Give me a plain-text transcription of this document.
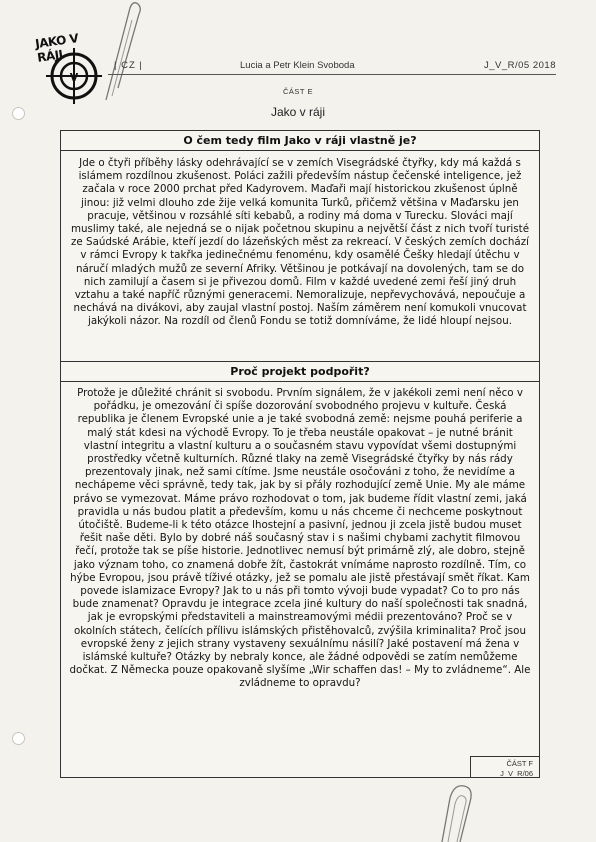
V
JAKO V RÁJI
| CZ |	Lucia a Petr Klein Svoboda	J_V_R/05 2018
ČÁST E
Jako v ráji
O čem tedy film Jako v ráji vlastně je?
Jde o čtyři příběhy lásky odehrávající se v zemích Visegrádské čtyřky, kdy má každá s islámem rozdílnou zkušenost. Poláci zažili především nástup čečenské inteligence, jež začala v roce 2000 prchat před Kadyrovem. Maďaři mají historickou zkušenost úplně jinou: již velmi dlouho zde žije velká komunita Turků, přičemž většina v Maďarsku jen pracuje, většinou v rozsáhlé síti kebabů, a rodiny má doma v Turecku. Slováci mají muslimy také, ale nejedná se o nijak početnou skupinu a největší část z nich tvoří turisté ze Saúdské Arábie, kteří jezdí do lázeňských měst za rekreací. V českých zemích dochází v rámci Evropy k takřka jedinečnému fenoménu, kdy osamělé Češky hledají útěchu v náručí mladých mužů ze severní Afriky. Většinou je potkávají na dovolených, tam se do nich zamilují a časem si je přivezou domů. Film v každé uvedené zemi řeší jiný druh vztahu a také napříč různými generacemi. Nemoralizuje, nepřevychovává, nepoučuje a nechává na divákovi, aby zaujal vlastní postoj. Naším záměrem není komukoli vnucovat jakýkoli názor. Na rozdíl od členů Fondu se totiž domníváme, že lidé hloupí nejsou.
Proč projekt podpořit?
Protože je důležité chránit si svobodu. Prvním signálem, že v jakékoli zemi není něco v pořádku, je omezování či spíše dozorování svobodného projevu v kultuře. Česká republika je členem Evropské unie a je také svobodná země: nejsme pouhá periferie a malý stát kdesi na východě Evropy. To je třeba neustále opakovat – je nutné bránit vlastní integritu a vlastní kulturu a o současném stavu vypovídat všemi dostupnými prostředky včetně kulturních. Různé tlaky na země Visegrádské čtyřky by nás rády prezentovaly jinak, než sami cítíme. Jsme neustále osočováni z toho, že nevidíme a nechápeme věci správně, tedy tak, jak by si přály rozhodující země Unie. My ale máme právo se vymezovat. Máme právo rozhodovat o tom, jak budeme řídit vlastní zemi, jaká pravidla u nás budou platit a především, komu u nás chceme či nechceme poskytnout útočiště. Budeme-li k této otázce lhostejní a pasivní, jednou ji zcela jistě budou muset řešit naše děti. Bylo by dobré náš současný stav i s našimi chybami zachytit filmovou řečí, protože tak se píše historie. Jednotlivec nemusí být primárně zlý, ale dobro, stejně jako význam toho, co znamená dobře žít, častokrát vnímáme naprosto rozdílně. Tím, co hýbe Evropou, jsou právě tíživé otázky, jež se pomalu ale jistě přestávají smět říkat. Kam povede islamizace Evropy? Jak to u nás při tomto vývoji bude vypadat? Co to pro nás bude znamenat? Opravdu je integrace zcela jiné kultury do naší společnosti tak snadná, jak je evropskými představiteli a mainstreamovými médii prezentováno? Proč se v okolních státech, čelících přílivu islámských přistěhovalců, zvýšila kriminalita? Proč jsou evropské ženy z jejich strany vystaveny sexuálnímu násilí? Jaké postavení má žena v islámské kultuře? Otázky by nebraly konce, ale žádné odpovědi se zatím nemůžeme dočkat. Z Německa pouze opakovaně slyšíme „Wir schaffen das! – My to zvládneme“. Ale zvládneme to opravdu?
ČÁST F
J_V_R/06
